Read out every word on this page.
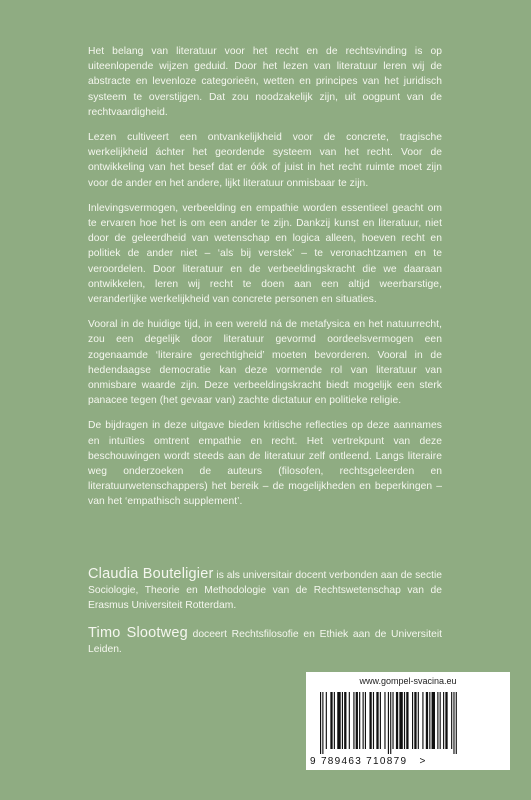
Het belang van literatuur voor het recht en de rechtsvinding is op uiteenlopende wijzen geduid. Door het lezen van literatuur leren wij de abstracte en levenloze categorieën, wetten en principes van het juridisch systeem te overstijgen. Dat zou noodzakelijk zijn, uit oogpunt van de rechtvaardigheid.

Lezen cultiveert een ontvankelijkheid voor de concrete, tragische werkelijkheid áchter het geordende systeem van het recht. Voor de ontwikkeling van het besef dat er óók of juist in het recht ruimte moet zijn voor de ander en het andere, lijkt literatuur onmisbaar te zijn.

Inlevingsvermogen, verbeelding en empathie worden essentieel geacht om te ervaren hoe het is om een ander te zijn. Dankzij kunst en literatuur, niet door de geleerdheid van wetenschap en logica alleen, hoeven recht en politiek de ander niet – ‘als bij verstek’ – te veronachtzamen en te veroordelen. Door literatuur en de verbeeldingskracht die we daaraan ontwikkelen, leren wij recht te doen aan een altijd weerbarstige, veranderlijke werkelijkheid van concrete personen en situaties.

Vooral in de huidige tijd, in een wereld ná de metafysica en het natuurrecht, zou een degelijk door literatuur gevormd oordeelsvermogen een zogenaamde ‘literaire gerechtigheid’ moeten bevorderen. Vooral in de hedendaagse democratie kan deze vormende rol van literatuur van onmisbare waarde zijn. Deze verbeeldingskracht biedt mogelijk een sterk panacee tegen (het gevaar van) zachte dictatuur en politieke religie.

De bijdragen in deze uitgave bieden kritische reflecties op deze aannames en intuïties omtrent empathie en recht. Het vertrekpunt van deze beschouwingen wordt steeds aan de literatuur zelf ontleend. Langs literaire weg onderzoeken de auteurs (filosofen, rechtsgeleerden en literatuurwetenschappers) het bereik – de mogelijkheden en beperkingen – van het ‘empathisch supplement’.

Claudia Bouteligier is als universitair docent verbonden aan de sectie Sociologie, Theorie en Methodologie van de Rechtswetenschap van de Erasmus Universiteit Rotterdam.
Timo Slootweg doceert Rechtsfilosofie en Ethiek aan de Universiteit Leiden.
www.gompel-svacina.eu
9 789463 710879 >
